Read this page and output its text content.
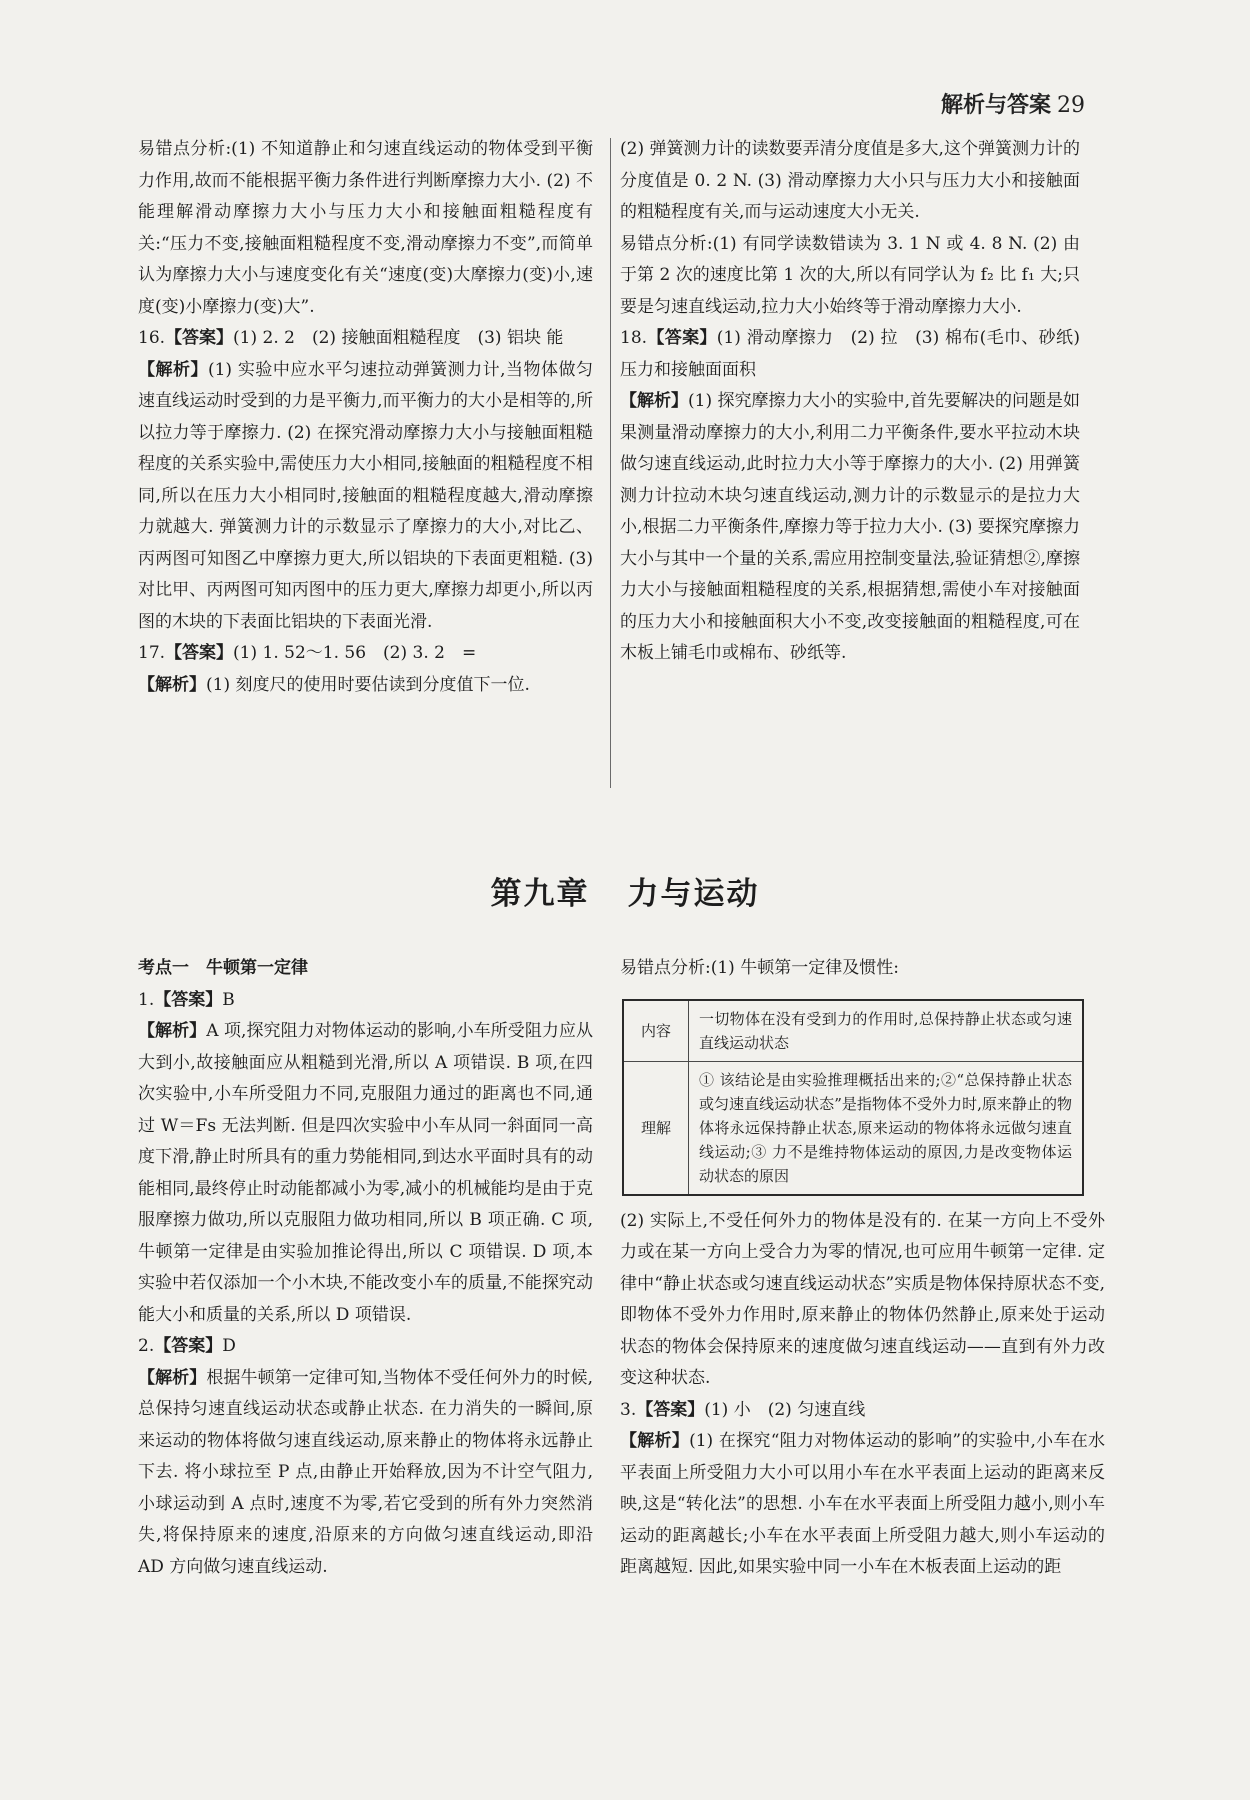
解析与答案 29

易错点分析:(1) 不知道静止和匀速直线运动的物体受到平衡力作用,故而不能根据平衡力条件进行判断摩擦力大小. (2) 不能理解滑动摩擦力大小与压力大小和接触面粗糙程度有关:“压力不变,接触面粗糙程度不变,滑动摩擦力不变”,而简单认为摩擦力大小与速度变化有关“速度(变)大摩擦力(变)小,速度(变)小摩擦力(变)大”.

16.【答案】(1) 2. 2　(2) 接触面粗糙程度　(3) 铝块 能

【解析】(1) 实验中应水平匀速拉动弹簧测力计,当物体做匀速直线运动时受到的力是平衡力,而平衡力的大小是相等的,所以拉力等于摩擦力. (2) 在探究滑动摩擦力大小与接触面粗糙程度的关系实验中,需使压力大小相同,接触面的粗糙程度不相同,所以在压力大小相同时,接触面的粗糙程度越大,滑动摩擦力就越大. 弹簧测力计的示数显示了摩擦力的大小,对比乙、丙两图可知图乙中摩擦力更大,所以铝块的下表面更粗糙. (3) 对比甲、丙两图可知丙图中的压力更大,摩擦力却更小,所以丙图的木块的下表面比铝块的下表面光滑.

17.【答案】(1) 1. 52～1. 56　(2) 3. 2　=

【解析】(1) 刻度尺的使用时要估读到分度值下一位.

(2) 弹簧测力计的读数要弄清分度值是多大,这个弹簧测力计的分度值是 0. 2 N. (3) 滑动摩擦力大小只与压力大小和接触面的粗糙程度有关,而与运动速度大小无关.

易错点分析:(1) 有同学读数错读为 3. 1 N 或 4. 8 N. (2) 由于第 2 次的速度比第 1 次的大,所以有同学认为 f₂ 比 f₁ 大;只要是匀速直线运动,拉力大小始终等于滑动摩擦力大小.

18.【答案】(1) 滑动摩擦力　(2) 拉　(3) 棉布(毛巾、砂纸)　压力和接触面面积

【解析】(1) 探究摩擦力大小的实验中,首先要解决的问题是如果测量滑动摩擦力的大小,利用二力平衡条件,要水平拉动木块做匀速直线运动,此时拉力大小等于摩擦力的大小. (2) 用弹簧测力计拉动木块匀速直线运动,测力计的示数显示的是拉力大小,根据二力平衡条件,摩擦力等于拉力大小. (3) 要探究摩擦力大小与其中一个量的关系,需应用控制变量法,验证猜想②,摩擦力大小与接触面粗糙程度的关系,根据猜想,需使小车对接触面的压力大小和接触面积大小不变,改变接触面的粗糙程度,可在木板上铺毛巾或棉布、砂纸等.

第九章 力与运动

考点一　牛顿第一定律

1.【答案】B

【解析】A 项,探究阻力对物体运动的影响,小车所受阻力应从大到小,故接触面应从粗糙到光滑,所以 A 项错误. B 项,在四次实验中,小车所受阻力不同,克服阻力通过的距离也不同,通过 W＝Fs 无法判断. 但是四次实验中小车从同一斜面同一高度下滑,静止时所具有的重力势能相同,到达水平面时具有的动能相同,最终停止时动能都减小为零,减小的机械能均是由于克服摩擦力做功,所以克服阻力做功相同,所以 B 项正确. C 项,牛顿第一定律是由实验加推论得出,所以 C 项错误. D 项,本实验中若仅添加一个小木块,不能改变小车的质量,不能探究动能大小和质量的关系,所以 D 项错误.

2.【答案】D

【解析】根据牛顿第一定律可知,当物体不受任何外力的时候,总保持匀速直线运动状态或静止状态. 在力消失的一瞬间,原来运动的物体将做匀速直线运动,原来静止的物体将永远静止下去. 将小球拉至 P 点,由静止开始释放,因为不计空气阻力,小球运动到 A 点时,速度不为零,若它受到的所有外力突然消失,将保持原来的速度,沿原来的方向做匀速直线运动,即沿 AD 方向做匀速直线运动.

易错点分析:(1) 牛顿第一定律及惯性:

内容	一切物体在没有受到力的作用时,总保持静止状态或匀速直线运动状态
理解	① 该结论是由实验推理概括出来的;②“总保持静止状态或匀速直线运动状态”是指物体不受外力时,原来静止的物体将永远保持静止状态,原来运动的物体将永远做匀速直线运动;③ 力不是维持物体运动的原因,力是改变物体运动状态的原因

(2) 实际上,不受任何外力的物体是没有的. 在某一方向上不受外力或在某一方向上受合力为零的情况,也可应用牛顿第一定律. 定律中“静止状态或匀速直线运动状态”实质是物体保持原状态不变,即物体不受外力作用时,原来静止的物体仍然静止,原来处于运动状态的物体会保持原来的速度做匀速直线运动——直到有外力改变这种状态.

3.【答案】(1) 小　(2) 匀速直线

【解析】(1) 在探究“阻力对物体运动的影响”的实验中,小车在水平表面上所受阻力大小可以用小车在水平表面上运动的距离来反映,这是“转化法”的思想. 小车在水平表面上所受阻力越小,则小车运动的距离越长;小车在水平表面上所受阻力越大,则小车运动的距离越短. 因此,如果实验中同一小车在木板表面上运动的距
